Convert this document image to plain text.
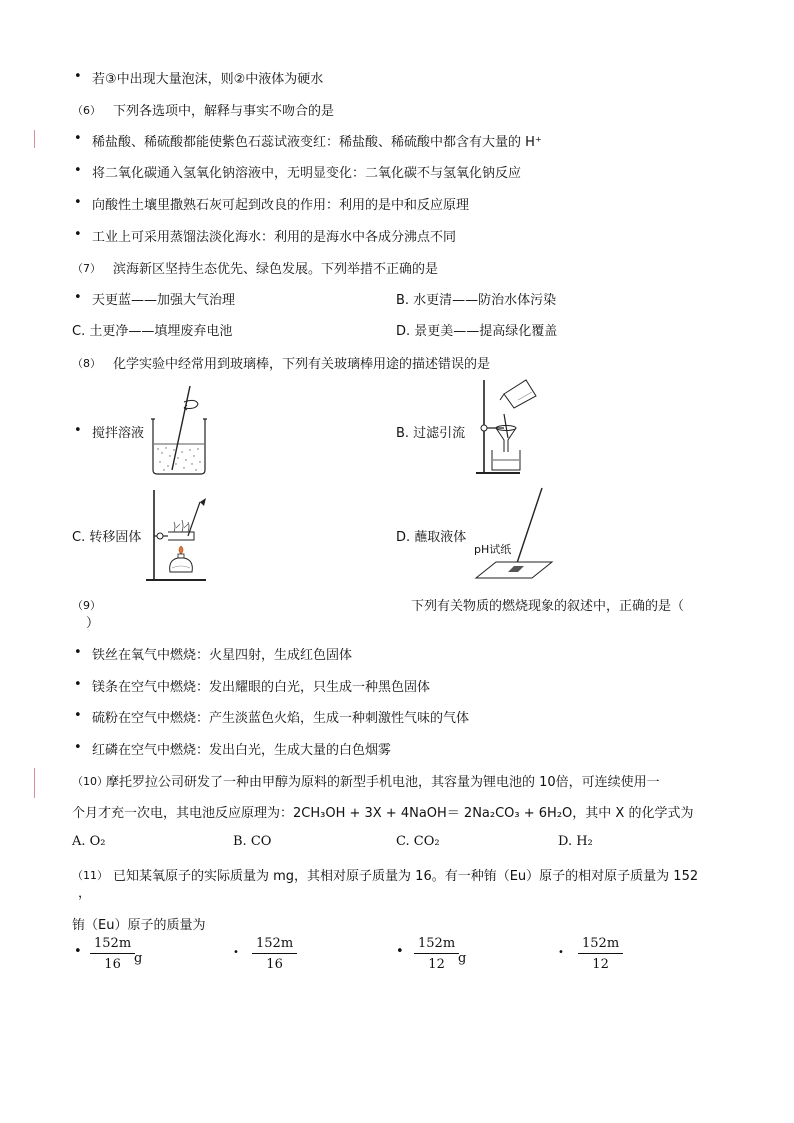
• 若③中出现大量泡沫，则②中液体为硬水
（6） 下列各选项中，解释与事实不吻合的是
• 稀盐酸、稀硫酸都能使紫色石蕊试液变红：稀盐酸、稀硫酸中都含有大量的 H⁺
• 将二氧化碳通入氢氧化钠溶液中，无明显变化：二氧化碳不与氢氧化钠反应
• 向酸性土壤里撒熟石灰可起到改良的作用：利用的是中和反应原理
• 工业上可采用蒸馏法淡化海水：利用的是海水中各成分沸点不同
（7） 滨海新区坚持生态优先、绿色发展。下列举措不正确的是
• 天更蓝——加强大气治理	B. 水更清——防治水体污染
C. 土更净——填埋废弃电池	D. 景更美——提高绿化覆盖
（8） 化学实验中经常用到玻璃棒，下列有关玻璃棒用途的描述错误的是
• 搅拌溶液	B. 过滤引流
C. 转移固体	D. 蘸取液体
pH试纸
（9）	下列有关物质的燃烧现象的叙述中，正确的是（
）
• 铁丝在氧气中燃烧：火星四射，生成红色固体
• 镁条在空气中燃烧：发出耀眼的白光，只生成一种黑色固体
• 硫粉在空气中燃烧：产生淡蓝色火焰，生成一种刺激性气味的气体
• 红磷在空气中燃烧：发出白光，生成大量的白色烟雾
（10）
摩托罗拉公司研发了一种由甲醇为原料的新型手机电池，其容量为锂电池的 10倍，可连续使用一
个月才充一次电，其电池反应原理为：2CH₃OH + 3X + 4NaOH＝ 2Na₂CO₃ + 6H₂O，其中 X 的化学式为
A. O₂	B. CO	C. CO₂	D. H₂
（11） 已知某氧原子的实际质量为 mg，其相对原子质量为 16。有一种铕（Eu）原子的相对原子质量为 152
，
铕（Eu）原子的质量为
• $\frac{152m}{16}$
g	• $\frac{152m}{16}$	• $\frac{152m}{12}$
g	• $\frac{152m}{12}$
